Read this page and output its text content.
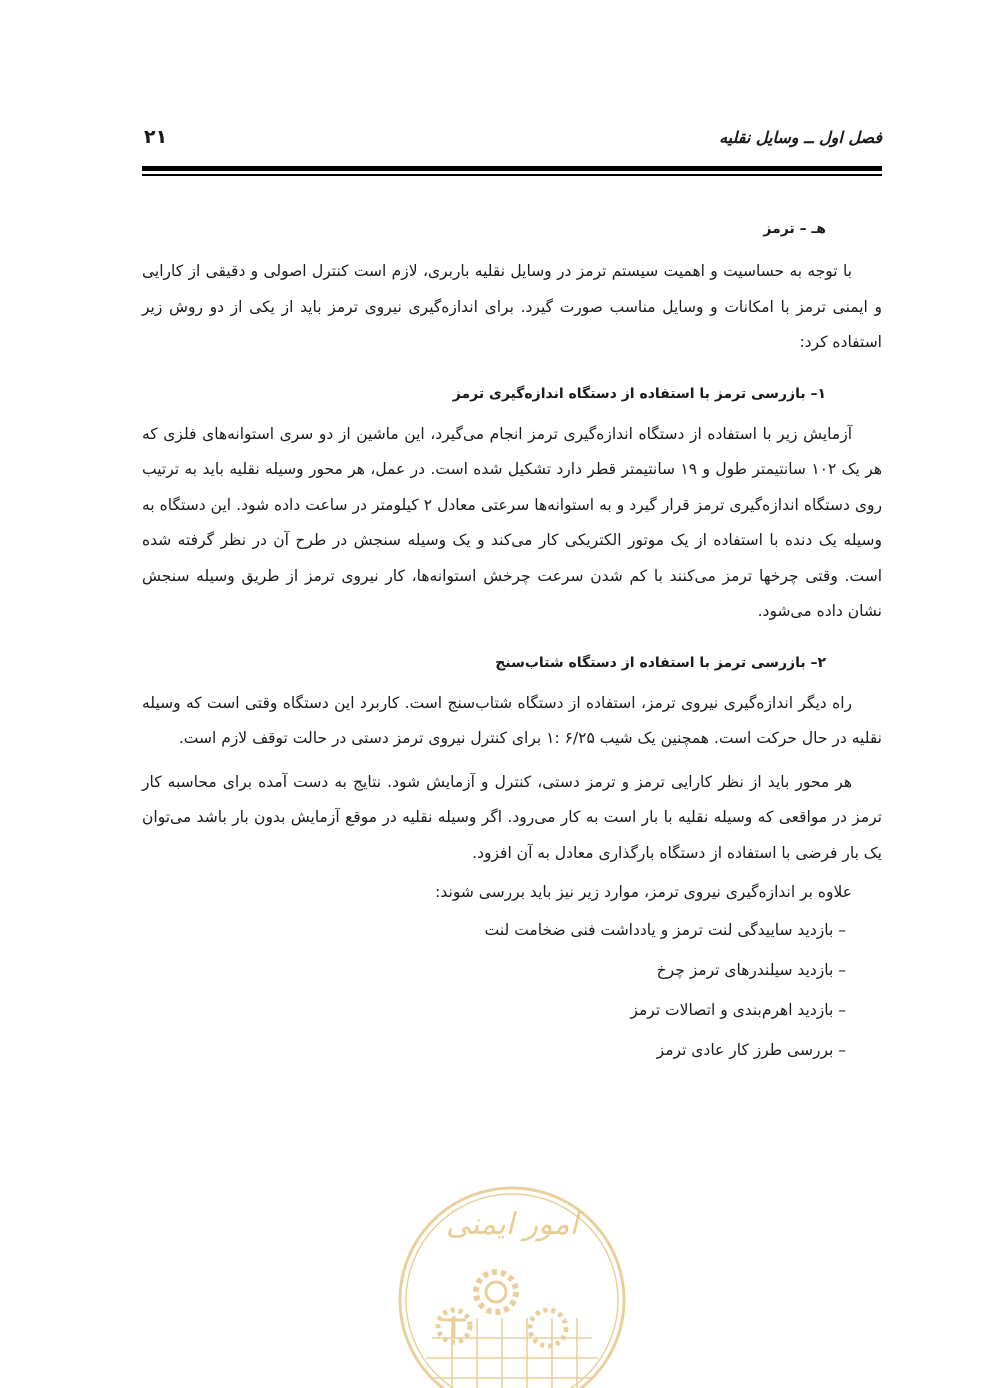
۲۱	فصل اول ــ وسایل نقلیه
هـ – ترمز

با توجه به حساسیت و اهمیت سیستم ترمز در وسایل نقلیه باربری، لازم است کنترل اصولی و دقیقی از کارایی و ایمنی ترمز با امکانات و وسایل مناسب صورت گیرد. برای اندازه‌گیری نیروی ترمز باید از یکی از دو روش زیر استفاده کرد:

۱– بازرسی ترمز با استفاده از دستگاه اندازه‌گیری ترمز

آزمایش زیر با استفاده از دستگاه اندازه‌گیری ترمز انجام می‌گیرد، این ماشین از دو سری استوانه‌های فلزی که هر یک ۱۰۲ سانتیمتر طول و ۱۹ سانتیمتر قطر دارد تشکیل شده است. در عمل، هر محور وسیله نقلیه باید به ترتیب روی دستگاه اندازه‌گیری ترمز قرار گیرد و به استوانه‌ها سرعتی معادل ۲ کیلومتر در ساعت داده شود. این دستگاه به وسیله یک دنده با استفاده از یک موتور الکتریکی کار می‌کند و یک وسیله سنجش در طرح آن در نظر گرفته شده است. وقتی چرخها ترمز می‌کنند با کم شدن سرعت چرخش استوانه‌ها، کار نیروی ترمز از طریق وسیله سنجش نشان داده می‌شود.

۲– بازرسی ترمز با استفاده از دستگاه شتاب‌سنج

راه دیگر اندازه‌گیری نیروی ترمز، استفاده از دستگاه شتاب‌سنج است. کاربرد این دستگاه وقتی است که وسیله نقلیه در حال حرکت است. همچنین یک شیب ۶/۲۵ :۱ برای کنترل نیروی ترمز دستی در حالت توقف لازم است.

هر محور باید از نظر کارایی ترمز و ترمز دستی، کنترل و آزمایش شود. نتایج به دست آمده برای محاسبه کار ترمز در مواقعی که وسیله نقلیه با بار است به کار می‌رود. اگر وسیله نقلیه در موقع آزمایش بدون بار باشد می‌توان یک بار فرضی با استفاده از دستگاه بارگذاری معادل به آن افزود.

علاوه بر اندازه‌گیری نیروی ترمز، موارد زیر نیز باید بررسی شوند:

– بازدید ساییدگی لنت ترمز و یادداشت فنی ضخامت لنت
– بازدید سیلندرهای ترمز چرخ
– بازدید اهرم‌بندی و اتصالات ترمز
– بررسی طرز کار عادی ترمز
امور ایمنی
